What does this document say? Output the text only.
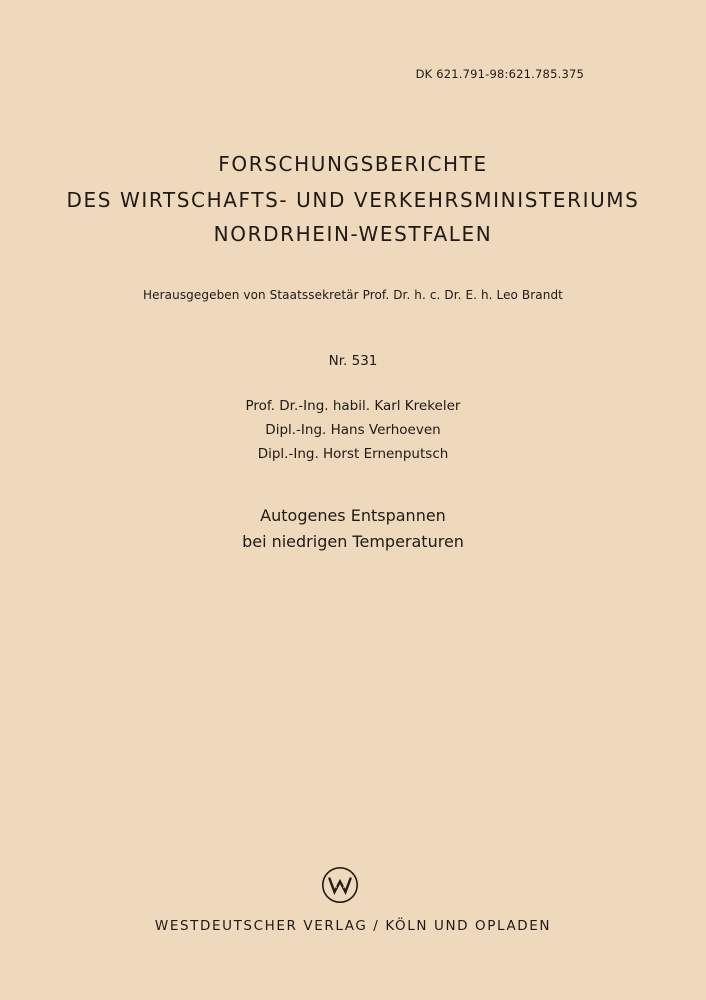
DK 621.791-98:621.785.375
FORSCHUNGSBERICHTE
DES WIRTSCHAFTS- UND VERKEHRSMINISTERIUMS
NORDRHEIN-WESTFALEN
Herausgegeben von Staatssekretär Prof. Dr. h. c. Dr. E. h. Leo Brandt
Nr. 531
Prof. Dr.-Ing. habil. Karl Krekeler
Dipl.-Ing. Hans Verhoeven
Dipl.-Ing. Horst Ernenputsch
Autogenes Entspannen
bei niedrigen Temperaturen
WESTDEUTSCHER VERLAG / KÖLN UND OPLADEN
